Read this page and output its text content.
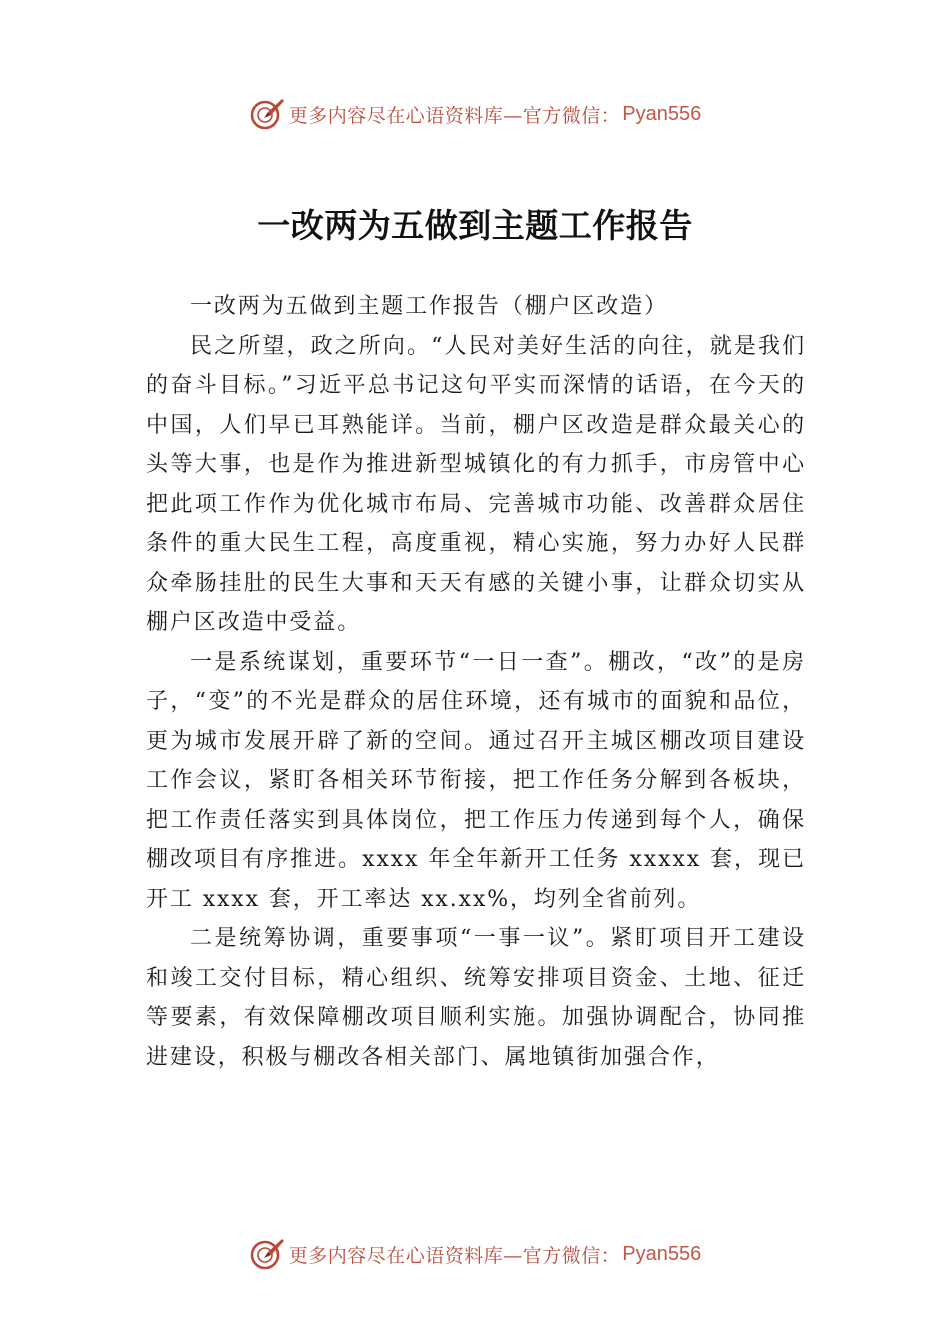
更多内容尽在心语资料库—官方微信： Pyan556
一改两为五做到主题工作报告

一改两为五做到主题工作报告（棚户区改造）

民之所望，政之所向。“人民对美好生活的向往，就是我们的奋斗目标。”习近平总书记这句平实而深情的话语，在今天的中国，人们早已耳熟能详。当前，棚户区改造是群众最关心的头等大事，也是作为推进新型城镇化的有力抓手，市房管中心把此项工作作为优化城市布局、完善城市功能、改善群众居住条件的重大民生工程，高度重视，精心实施，努力办好人民群众牵肠挂肚的民生大事和天天有感的关键小事，让群众切实从棚户区改造中受益。

一是系统谋划，重要环节“一日一查”。棚改，“改”的是房子，“变”的不光是群众的居住环境，还有城市的面貌和品位，更为城市发展开辟了新的空间。通过召开主城区棚改项目建设工作会议，紧盯各相关环节衔接，把工作任务分解到各板块，把工作责任落实到具体岗位，把工作压力传递到每个人，确保棚改项目有序推进。xxxx 年全年新开工任务 xxxxx 套，现已开工 xxxx 套，开工率达 xx.xx%，均列全省前列。

二是统筹协调，重要事项“一事一议”。紧盯项目开工建设和竣工交付目标，精心组织、统筹安排项目资金、土地、征迁等要素，有效保障棚改项目顺利实施。加强协调配合，协同推进建设，积极与棚改各相关部门、属地镇街加强合作，

更多内容尽在心语资料库—官方微信： Pyan556
